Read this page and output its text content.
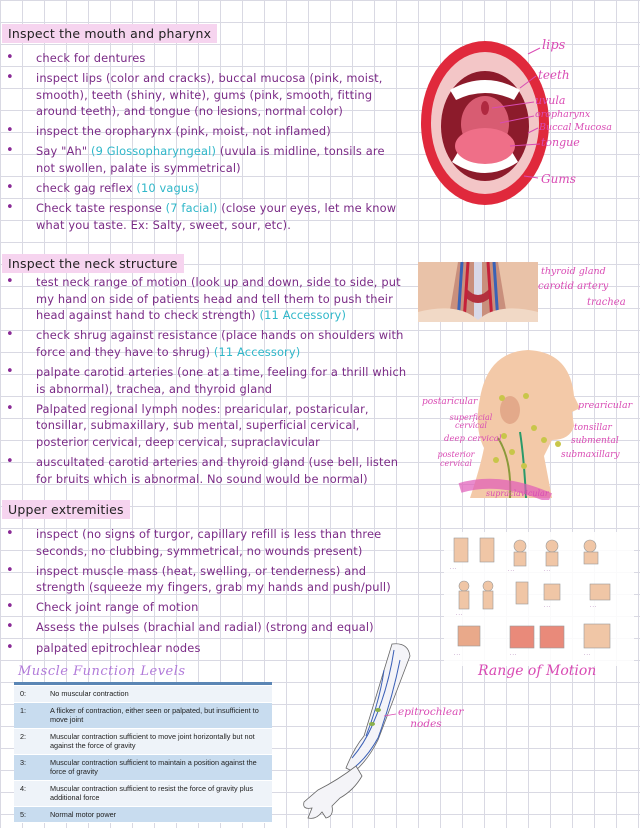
Inspect the mouth and pharynx
• check for dentures
• inspect lips (color and cracks), buccal mucosa (pink, moist, smooth), teeth (shiny, white), gums (pink, smooth, fitting around teeth), and tongue (no lesions, normal color)
• inspect the oropharynx (pink, moist, not inflamed)
• Say "Ah" (9 Glossopharyngeal) (uvula is midline, tonsils are not swollen, palate is symmetrical)
• check gag reflex (10 vagus)
• Check taste response (7 facial) (close your eyes, let me know what you taste. Ex: Salty, sweet, sour, etc).
lips
teeth
uvula
oropharynx
Buccal Mucosa
tongue
Gums
Inspect the neck structure
• test neck range of motion (look up and down, side to side, put my hand on side of patients head and tell them to push their head against hand to check strength) (11 Accessory)
• check shrug against resistance (place hands on shoulders with force and they have to shrug) (11 Accessory)
• palpate carotid arteries (one at a time, feeling for a thrill which is abnormal), trachea, and thyroid gland
• Palpated regional lymph nodes: prearicular, postaricular, tonsillar, submaxillary, sub mental, superficial cervical, posterior cervical, deep cervical, supraclavicular
• auscultated carotid arteries and thyroid gland (use bell, listen for bruits which is abnormal. No sound would be normal)
thyroid gland
carotid artery
trachea
postaricular	prearicular
superficial cervical	tonsillar
submental
deep cervical
posterior cervical
submaxillary
supraclavicular
Upper extremities
• inspect (no signs of turgor, capillary refill is less than three seconds, no clubbing, symmetrical, no wounds present)
• inspect muscle mass (heat, swelling, or tenderness) and strength (squeeze my fingers, grab my hands and push/pull)
• Check joint range of motion
• Assess the pulses (brachial and radial) (strong and equal)
• palpated epitrochlear nodes
· · ·	· · ·	· · ·
· · ·
· · ·	· · ·
· · ·	· · ·	· · ·
Range of Motion
epitrochlear nodes
Muscle Function Levels

0:	No muscular contraction
1:	A flicker of contraction, either seen or palpated, but insufficient to move joint
2:	Muscular contraction sufficient to move joint horizontally but not against the force of gravity
3:	Muscular contraction sufficient to maintain a position against the force of gravity
4:	Muscular contraction sufficient to resist the force of gravity plus additional force
5:	Normal motor power
